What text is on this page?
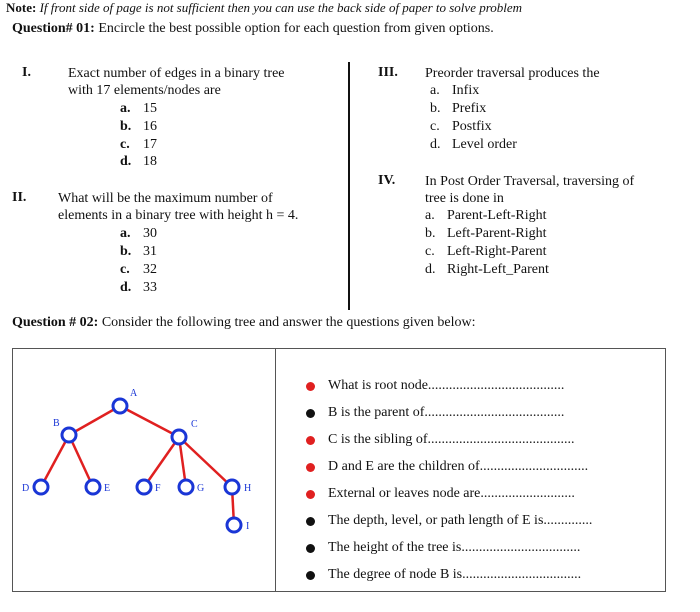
Note: If front side of page is not sufficient then you can use the back side of paper to solve problem
Question# 01: Encircle the best possible option for each question from given options.
I.	Exact number of edges in a binary tree
with 17 elements/nodes are
a. 15
b. 16
c. 17
d. 18
II. What will be the maximum number of
elements in a binary tree with height h = 4.
a. 30
b. 31
c. 32
d. 33
III. Preorder traversal produces the
a. Infix
b. Prefix
c. Postfix
d. Level order
IV. In Post Order Traversal, traversing of
tree is done in
a. Parent-Left-Right
b. Left-Parent-Right
c. Left-Right-Parent
d. Right-Left_Parent
Question # 02: Consider the following tree and answer the questions given below:
A
B	C
D	E	F	G	H
I
What is root node.......................................
B is the parent of........................................
C is the sibling of..........................................
D and E are the children of...............................
External or leaves node are...........................
The depth, level, or path length of E is..............
The height of the tree is..................................
The degree of node B is..................................
